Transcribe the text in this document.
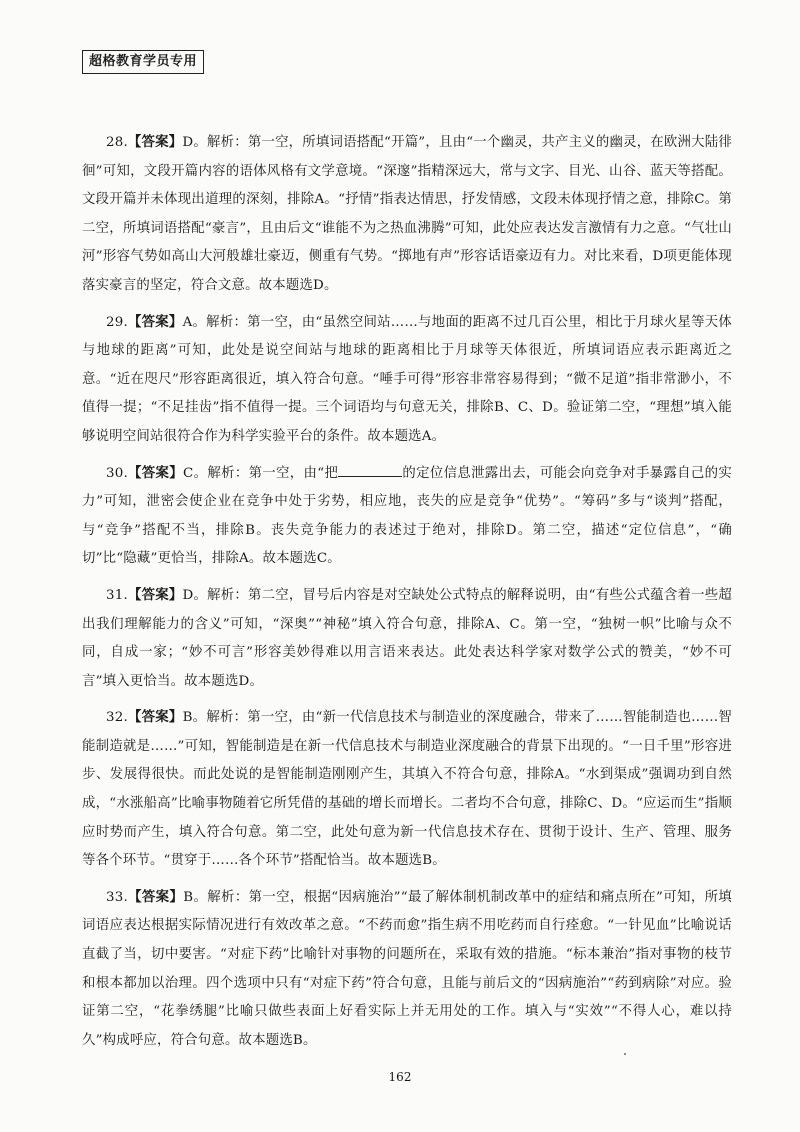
超格教育学员专用

28.【答案】D。解析：第一空，所填词语搭配“开篇”，且由“一个幽灵，共产主义的幽灵，在欧洲大陆徘徊”可知，文段开篇内容的语体风格有文学意境。“深邃”指精深远大，常与文字、目光、山谷、蓝天等搭配。文段开篇并未体现出道理的深刻，排除A。“抒情”指表达情思，抒发情感，文段未体现抒情之意，排除C。第二空，所填词语搭配“豪言”，且由后文“谁能不为之热血沸腾”可知，此处应表达发言激情有力之意。“气壮山河”形容气势如高山大河般雄壮豪迈，侧重有气势。“掷地有声”形容话语豪迈有力。对比来看，D项更能体现落实豪言的坚定，符合文意。故本题选D。

29.【答案】A。解析：第一空，由“虽然空间站……与地面的距离不过几百公里，相比于月球火星等天体与地球的距离”可知，此处是说空间站与地球的距离相比于月球等天体很近，所填词语应表示距离近之意。“近在咫尺”形容距离很近，填入符合句意。“唾手可得”形容非常容易得到；“微不足道”指非常渺小，不值得一提；“不足挂齿”指不值得一提。三个词语均与句意无关，排除B、C、D。验证第二空，“理想”填入能够说明空间站很符合作为科学实验平台的条件。故本题选A。

30.【答案】C。解析：第一空，由“把	的定位信息泄露出去，可能会向竞争对手暴露自己的实力”可知，泄密会使企业在竞争中处于劣势，相应地，丧失的应是竞争“优势”。“筹码”多与“谈判”搭配，与“竞争”搭配不当，排除B。丧失竞争能力的表述过于绝对，排除D。第二空，描述“定位信息”，“确切”比“隐藏”更恰当，排除A。故本题选C。

31.【答案】D。解析：第二空，冒号后内容是对空缺处公式特点的解释说明，由“有些公式蕴含着一些超出我们理解能力的含义”可知，“深奥”“神秘”填入符合句意，排除A、C。第一空，“独树一帜”比喻与众不同，自成一家；“妙不可言”形容美妙得难以用言语来表达。此处表达科学家对数学公式的赞美，“妙不可言”填入更恰当。故本题选D。

32.【答案】B。解析：第一空，由“新一代信息技术与制造业的深度融合，带来了……智能制造也……智能制造就是……”可知，智能制造是在新一代信息技术与制造业深度融合的背景下出现的。“一日千里”形容进步、发展得很快。而此处说的是智能制造刚刚产生，其填入不符合句意，排除A。“水到渠成”强调功到自然成，“水涨船高”比喻事物随着它所凭借的基础的增长而增长。二者均不合句意，排除C、D。“应运而生”指顺应时势而产生，填入符合句意。第二空，此处句意为新一代信息技术存在、贯彻于设计、生产、管理、服务等各个环节。“贯穿于……各个环节”搭配恰当。故本题选B。

33.【答案】B。解析：第一空，根据“因病施治”“最了解体制机制改革中的症结和痛点所在”可知，所填词语应表达根据实际情况进行有效改革之意。“不药而愈”指生病不用吃药而自行痊愈。“一针见血”比喻说话直截了当，切中要害。“对症下药”比喻针对事物的问题所在，采取有效的措施。“标本兼治”指对事物的枝节和根本都加以治理。四个选项中只有“对症下药”符合句意，且能与前后文的“因病施治”“药到病除”对应。验证第二空，“花拳绣腿”比喻只做些表面上好看实际上并无用处的工作。填入与“实效”“不得人心，难以持久”构成呼应，符合句意。故本题选B。

162
